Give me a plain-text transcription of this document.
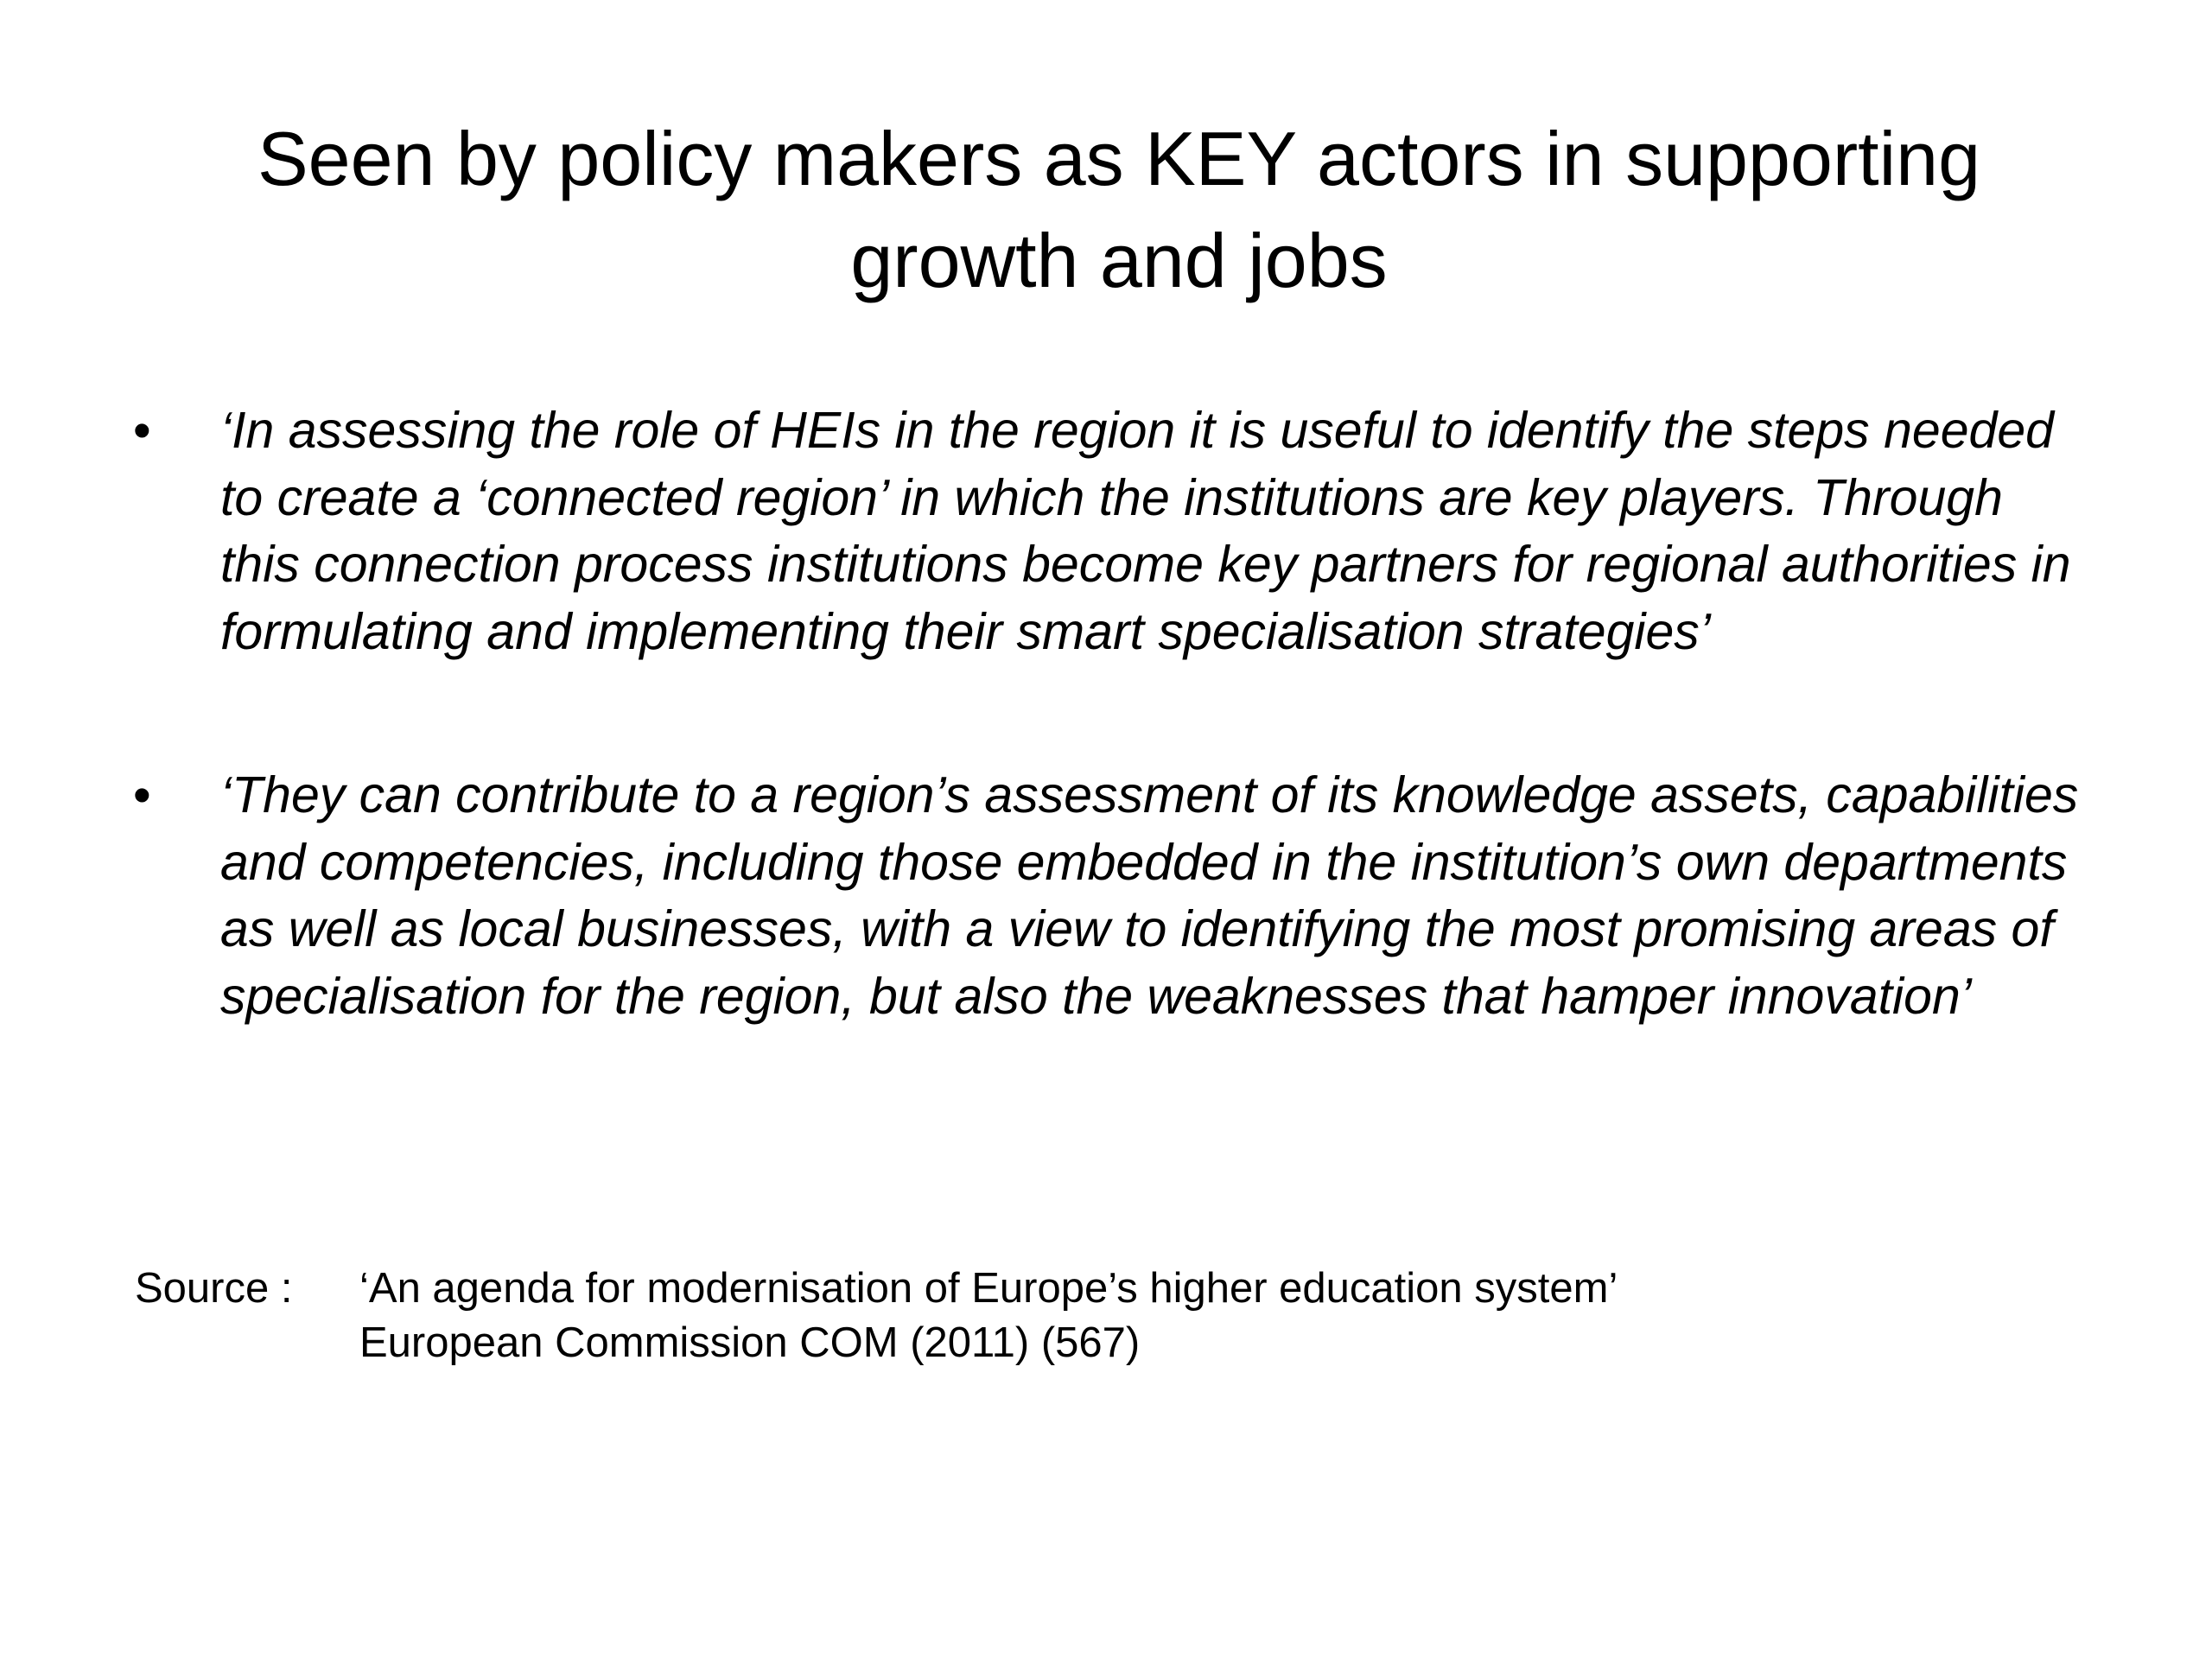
Seen by policy makers as KEY actors in supporting growth and jobs
• ‘In assessing the role of HEIs in the region it is useful to identify the steps needed to create a ‘connected region’ in which the institutions are key players. Through this connection process institutions become key partners for regional authorities in formulating and implementing their smart specialisation strategies’
• ‘They can contribute to a region’s assessment of its knowledge assets, capabilities and competencies, including those embedded in the institution’s own departments as well as local businesses, with a view to identifying the most promising areas of specialisation for the region, but also the weaknesses that hamper innovation’
Source : ‘An agenda for modernisation of Europe’s higher education system’
European Commission COM (2011) (567)
